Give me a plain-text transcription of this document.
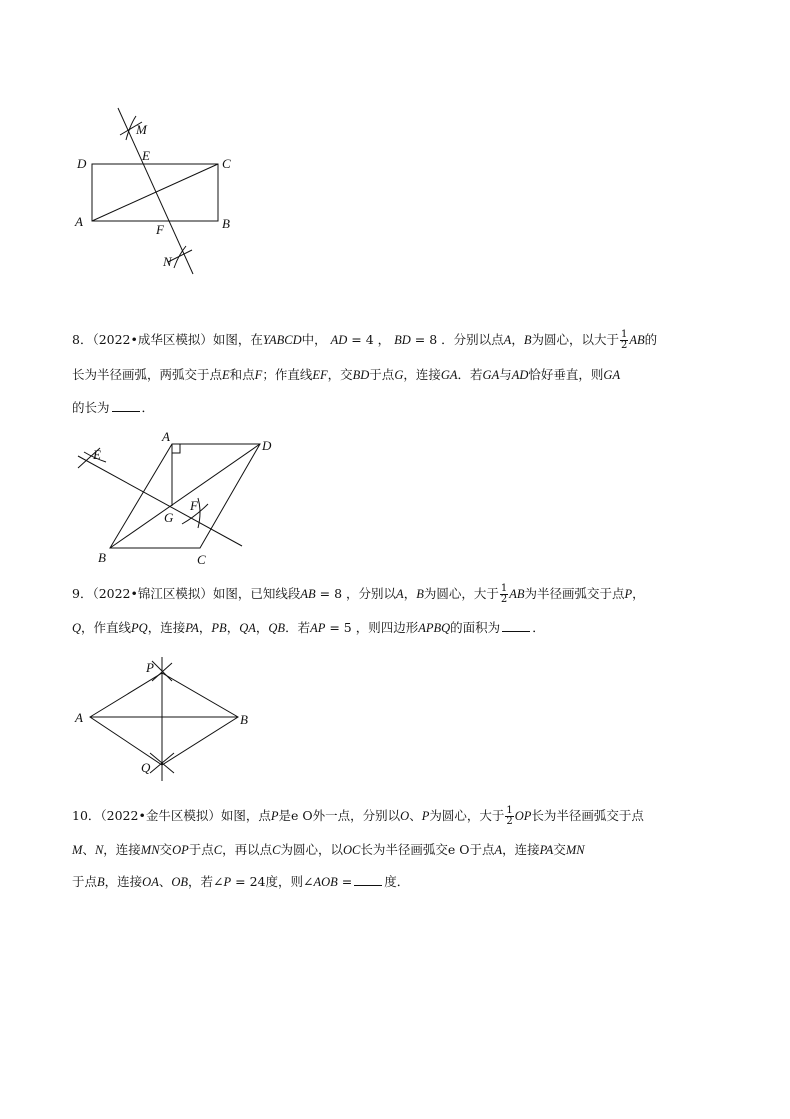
M
E
D	C
A	B
F
N
8．（2022•成华区模拟）如图，在YABCD中， AD = 4 ， BD = 8 ．分别以点A，B为圆心，以大于 $\frac{1}{2}$ AB的
长为半径画弧，两弧交于点E和点F；作直线EF，交BD于点G，连接GA．若GA与AD恰好垂直，则GA
的长为	．
A
D
E
F
G
B	C
9．（2022•锦江区模拟）如图，已知线段AB = 8 ，分别以A，B为圆心，大于 $\frac{1}{2}$ AB为半径画弧交于点P，
Q，作直线PQ，连接PA，PB，QA，QB．若AP = 5 ，则四边形APBQ的面积为	．
P
A	B
Q
10．（2022•金牛区模拟）如图，点P是e O外一点，分别以O、P为圆心，大于 $\frac{1}{2}$ OP长为半径画弧交于点
M、N，连接MN交OP于点C，再以点C为圆心，以OC长为半径画弧交e O于点A，连接PA交MN
于点B，连接OA、OB，若∠P = 24度，则∠AOB =	度．
